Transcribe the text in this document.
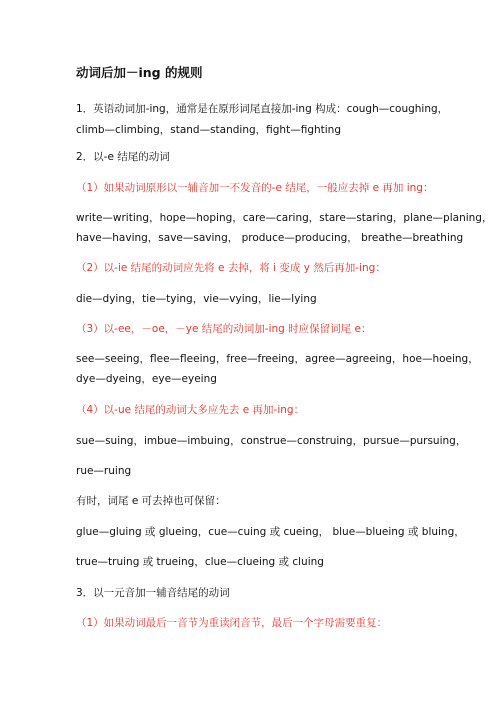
动词后加－ing 的规则
1．英语动词加-ing，通常是在原形词尾直接加-ing 构成：cough—coughing，
climb—climbing，stand—standing，fight—fighting
2．以-e 结尾的动词
（1）如果动词原形以一辅音加一不发音的-e 结尾，一般应去掉 e 再加 ing：
write—writing，hope—hoping，care—caring，stare—staring，plane—planing，
have—having，save—saving， produce—producing， breathe—breathing
（2）以-ie 结尾的动词应先将 e 去掉，将 i 变成 y 然后再加-ing：
die—dying，tie—tying，vie—vying，lie—lying
（3）以-ee，－oe，－ye 结尾的动词加-ing 时应保留词尾 e：
see—seeing，flee—fleeing，free—freeing，agree—agreeing，hoe—hoeing，
dye—dyeing，eye—eyeing
（4）以-ue 结尾的动词大多应先去 e 再加-ing：
sue—suing，imbue—imbuing，construe—construing，pursue—pursuing，
rue—ruing
有时，词尾 e 可去掉也可保留：
glue—gluing 或 glueing，cue—cuing 或 cueing， blue—blueing 或 bluing，
true—truing 或 trueing，clue—clueing 或 cluing
3．以一元音加一辅音结尾的动词
（1）如果动词最后一音节为重读闭音节，最后一个字母需要重复：
